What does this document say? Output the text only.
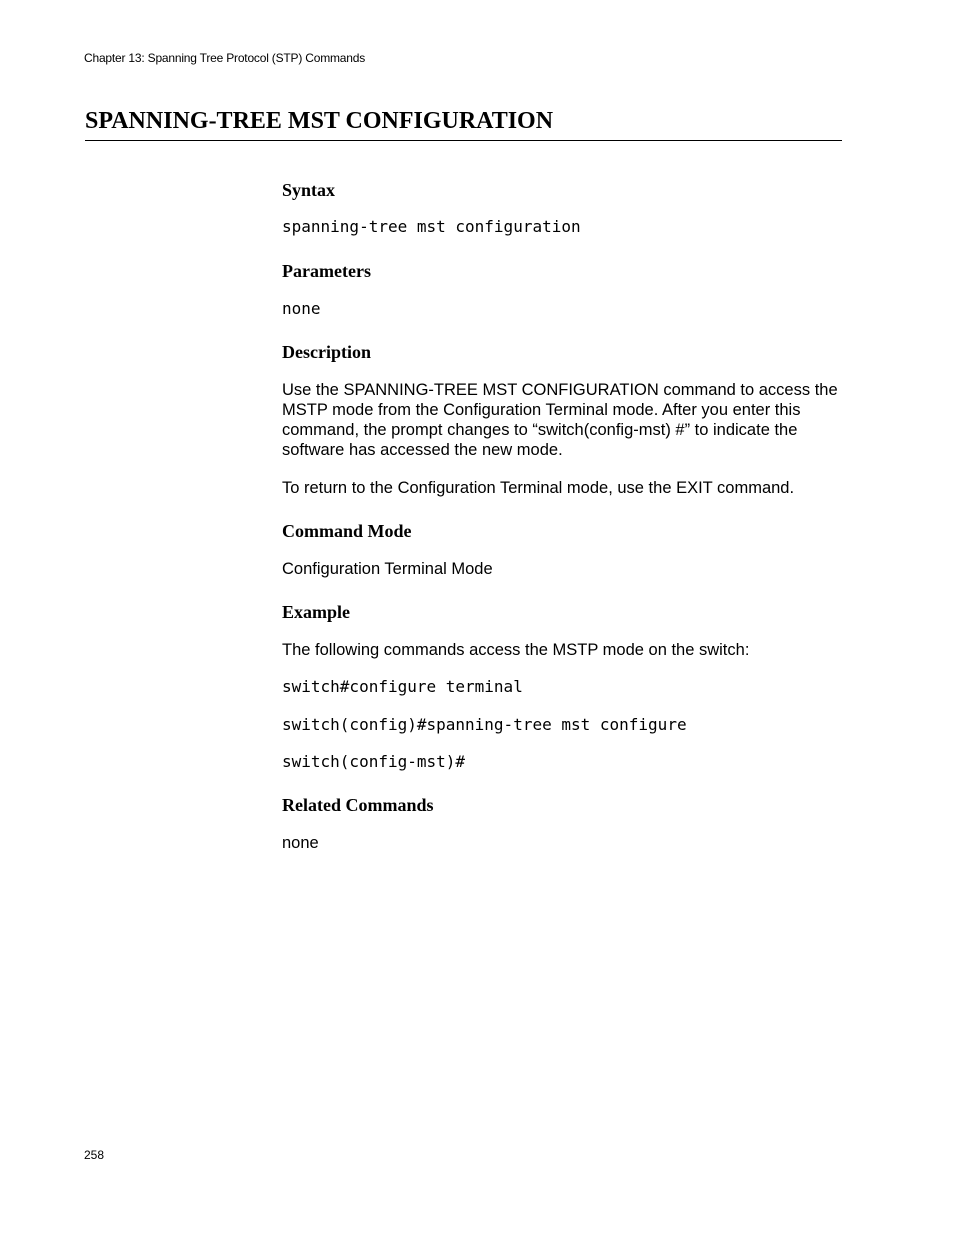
Chapter 13: Spanning Tree Protocol (STP) Commands
SPANNING-TREE MST CONFIGURATION
Syntax
spanning-tree mst configuration
Parameters
none
Description

Use the SPANNING-TREE MST CONFIGURATION command to access the MSTP mode from the Configuration Terminal mode. After you enter this command, the prompt changes to “switch(config-mst) #” to indicate the software has accessed the new mode.

To return to the Configuration Terminal mode, use the EXIT command.

Command Mode

Configuration Terminal Mode

Example

The following commands access the MSTP mode on the switch:

switch#configure terminal
switch(config)#spanning-tree mst configure
switch(config-mst)#
Related Commands

none

258
